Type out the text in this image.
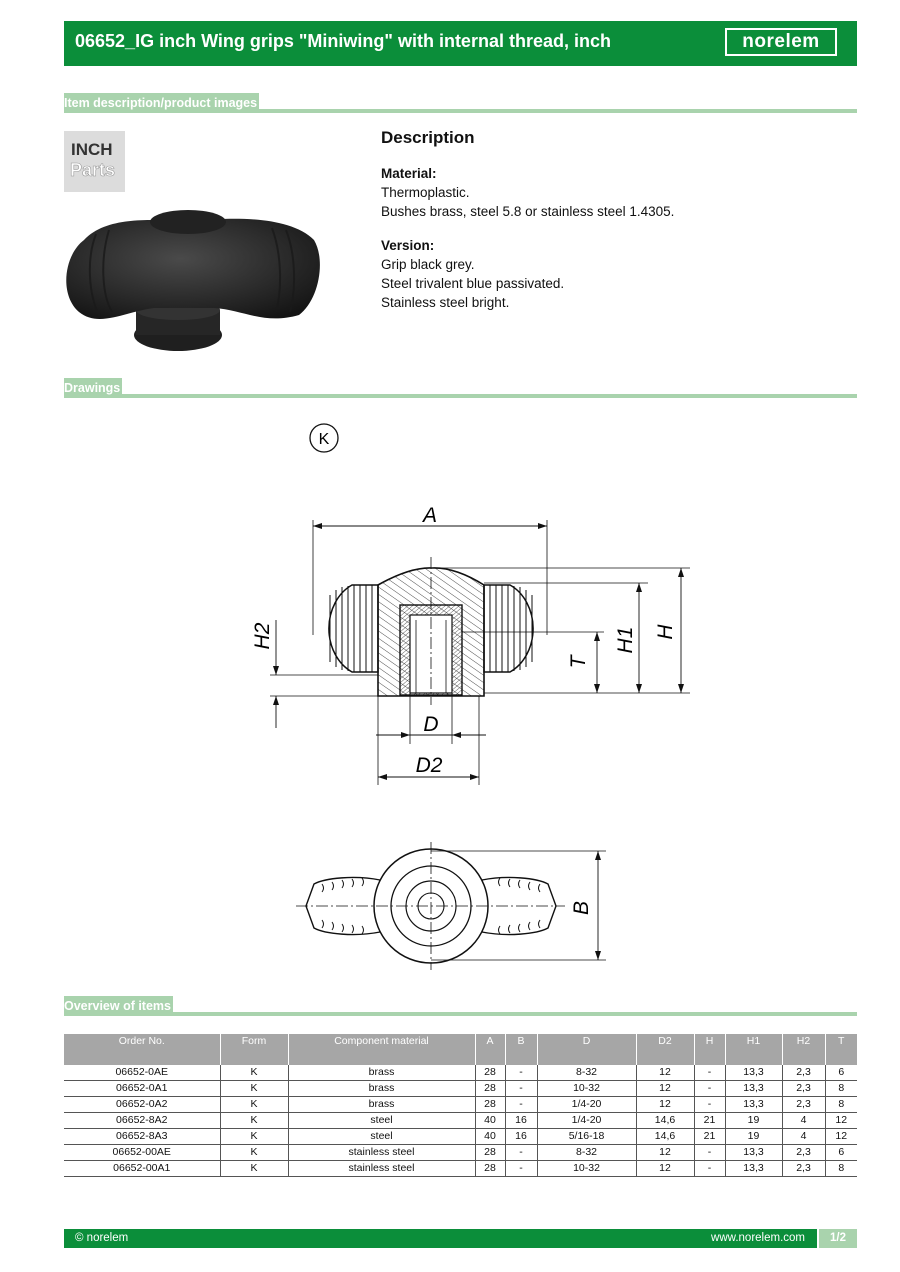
06652_IG inch Wing grips "Miniwing" with internal thread, inch	norelem
Item description/product images
INCH
Parts
Description

Material:

Thermoplastic.

Bushes brass, steel 5.8 or stainless steel 1.4305.

Version:

Grip black grey.

Steel trivalent blue passivated.

Stainless steel bright.

Drawings
K
A
H
H1
T
H2
D
D2
B
Overview of items
Order No.	Form	Component material	A	B	D	D2	H	H1	H2	T
06652-0AE	K	brass	28	-	8-32	12	-	13,3	2,3	6
06652-0A1	K	brass	28	-	10-32	12	-	13,3	2,3	8
06652-0A2	K	brass	28	-	1/4-20	12	-	13,3	2,3	8
06652-8A2	K	steel	40	16	1/4-20	14,6	21	19	4	12
06652-8A3	K	steel	40	16	5/16-18	14,6	21	19	4	12
06652-00AE	K	stainless steel	28	-	8-32	12	-	13,3	2,3	6
06652-00A1	K	stainless steel	28	-	10-32	12	-	13,3	2,3	8
© norelem	www.norelem.com	1/2
